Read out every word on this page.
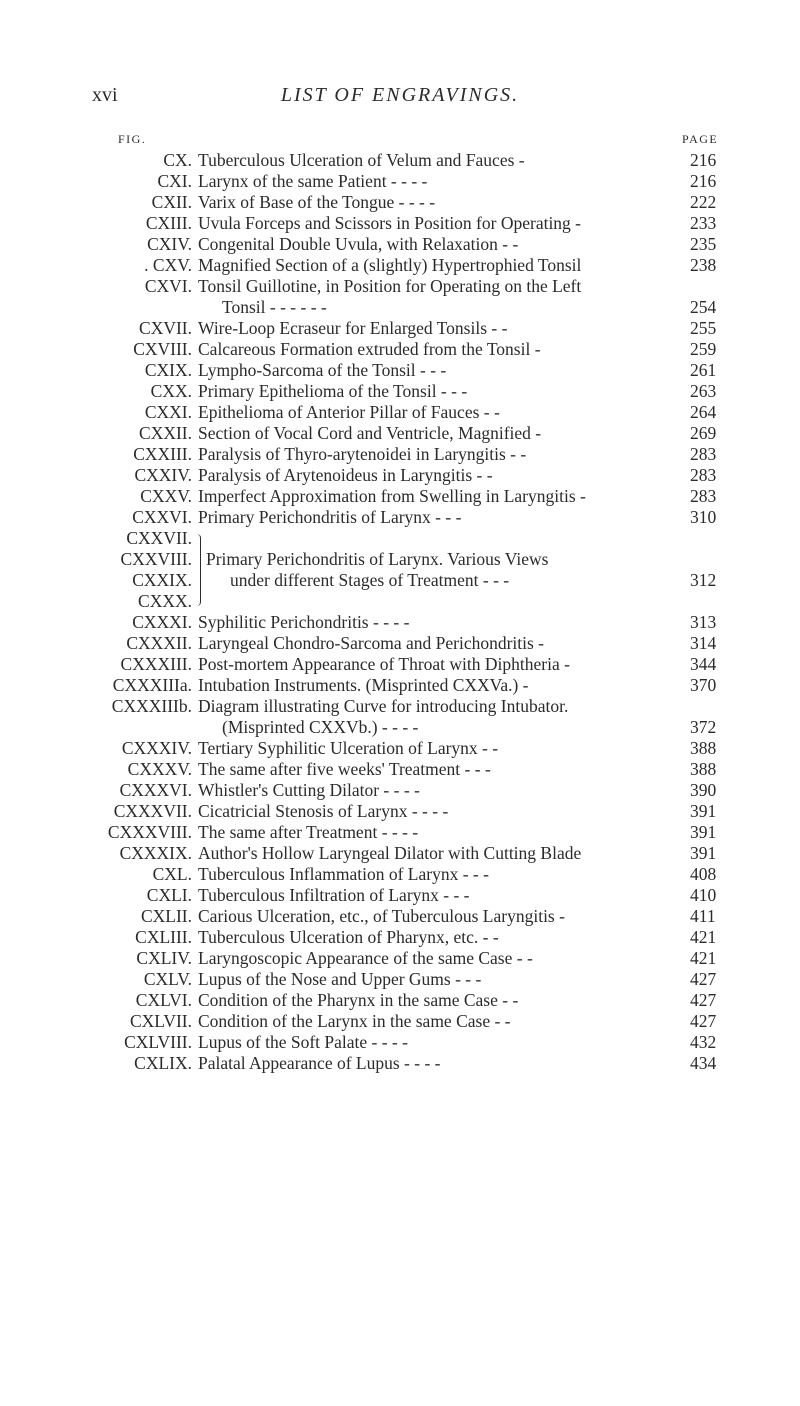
xvi	LIST OF ENGRAVINGS.
FIG.	PAGE
CX. Tuberculous Ulceration of Velum and Fauces -	216
CXI. Larynx of the same Patient - - - -	216
CXII. Varix of Base of the Tongue - - - -	222
CXIII. Uvula Forceps and Scissors in Position for Operating -	233
CXIV. Congenital Double Uvula, with Relaxation - -	235
. CXV. Magnified Section of a (slightly) Hypertrophied Tonsil	238
CXVI. Tonsil Guillotine, in Position for Operating on the Left
Tonsil - - - - - -	254
CXVII. Wire-Loop Ecraseur for Enlarged Tonsils - -	255
CXVIII. Calcareous Formation extruded from the Tonsil -	259
CXIX. Lympho-Sarcoma of the Tonsil - - -	261
CXX. Primary Epithelioma of the Tonsil - - -	263
CXXI. Epithelioma of Anterior Pillar of Fauces - -	264
CXXII. Section of Vocal Cord and Ventricle, Magnified -	269
CXXIII. Paralysis of Thyro-arytenoidei in Laryngitis - -	283
CXXIV. Paralysis of Arytenoideus in Laryngitis - -	283
CXXV. Imperfect Approximation from Swelling in Laryngitis -	283
CXXVI. Primary Perichondritis of Larynx - - -	310
CXXVII.
CXXVIII.
CXXIX.
CXXX.
Primary Perichondritis of Larynx. Various Views
under different Stages of Treatment - - -	312
CXXXI. Syphilitic Perichondritis - - - -	313
CXXXII. Laryngeal Chondro-Sarcoma and Perichondritis -	314
CXXXIII. Post-mortem Appearance of Throat with Diphtheria -	344
CXXXIIIa. Intubation Instruments. (Misprinted CXXVa.) -	370
CXXXIIIb. Diagram illustrating Curve for introducing Intubator.
(Misprinted CXXVb.) - - - -	372
CXXXIV. Tertiary Syphilitic Ulceration of Larynx - -	388
CXXXV. The same after five weeks' Treatment - - -	388
CXXXVI. Whistler's Cutting Dilator - - - -	390
CXXXVII. Cicatricial Stenosis of Larynx - - - -	391
CXXXVIII. The same after Treatment - - - -	391
CXXXIX. Author's Hollow Laryngeal Dilator with Cutting Blade	391
CXL. Tuberculous Inflammation of Larynx - - -	408
CXLI. Tuberculous Infiltration of Larynx - - -	410
CXLII. Carious Ulceration, etc., of Tuberculous Laryngitis -	411
CXLIII. Tuberculous Ulceration of Pharynx, etc. - -	421
CXLIV. Laryngoscopic Appearance of the same Case - -	421
CXLV. Lupus of the Nose and Upper Gums - - -	427
CXLVI. Condition of the Pharynx in the same Case - -	427
CXLVII. Condition of the Larynx in the same Case - -	427
CXLVIII. Lupus of the Soft Palate - - - -	432
CXLIX. Palatal Appearance of Lupus - - - -	434
